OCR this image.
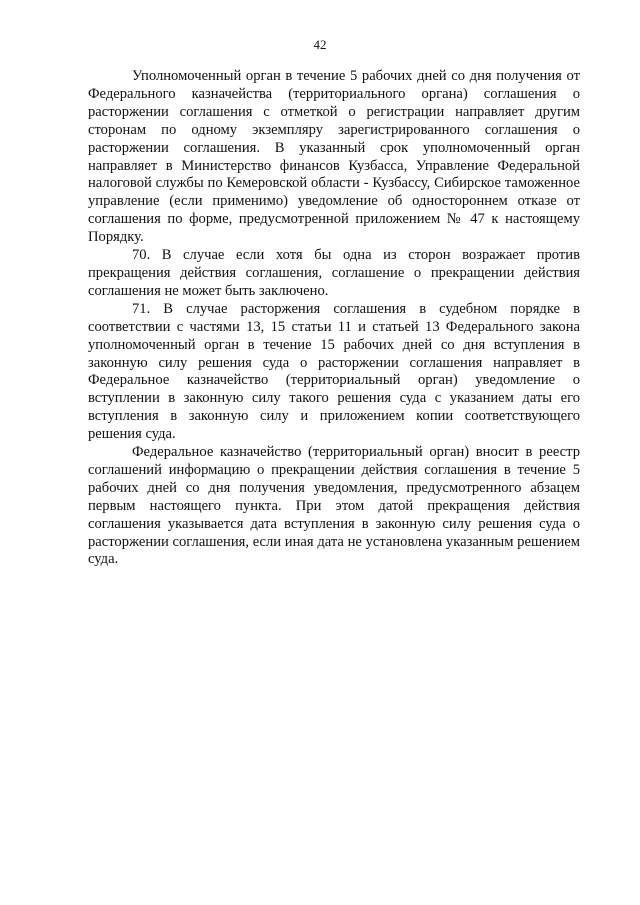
42

Уполномоченный орган в течение 5 рабочих дней со дня получения от Федерального казначейства (территориального органа) соглашения о расторжении соглашения с отметкой о регистрации направляет другим сторонам по одному экземпляру зарегистрированного соглашения о расторжении соглашения. В указанный срок уполномоченный орган направляет в Министерство финансов Кузбасса, Управление Федеральной налоговой службы по Кемеровской области - Кузбассу, Сибирское таможенное управление (если применимо) уведомление об одностороннем отказе от соглашения по форме, предусмотренной приложением № 47 к настоящему Порядку.

70. В случае если хотя бы одна из сторон возражает против прекращения действия соглашения, соглашение о прекращении действия соглашения не может быть заключено.

71. В случае расторжения соглашения в судебном порядке в соответствии с частями 13, 15 статьи 11 и статьей 13 Федерального закона уполномоченный орган в течение 15 рабочих дней со дня вступления в законную силу решения суда о расторжении соглашения направляет в Федеральное казначейство (территориальный орган) уведомление о вступлении в законную силу такого решения суда с указанием даты его вступления в законную силу и приложением копии соответствующего решения суда.

Федеральное казначейство (территориальный орган) вносит в реестр соглашений информацию о прекращении действия соглашения в течение 5 рабочих дней со дня получения уведомления, предусмотренного абзацем первым настоящего пункта. При этом датой прекращения действия соглашения указывается дата вступления в законную силу решения суда о расторжении соглашения, если иная дата не установлена указанным решением суда.
